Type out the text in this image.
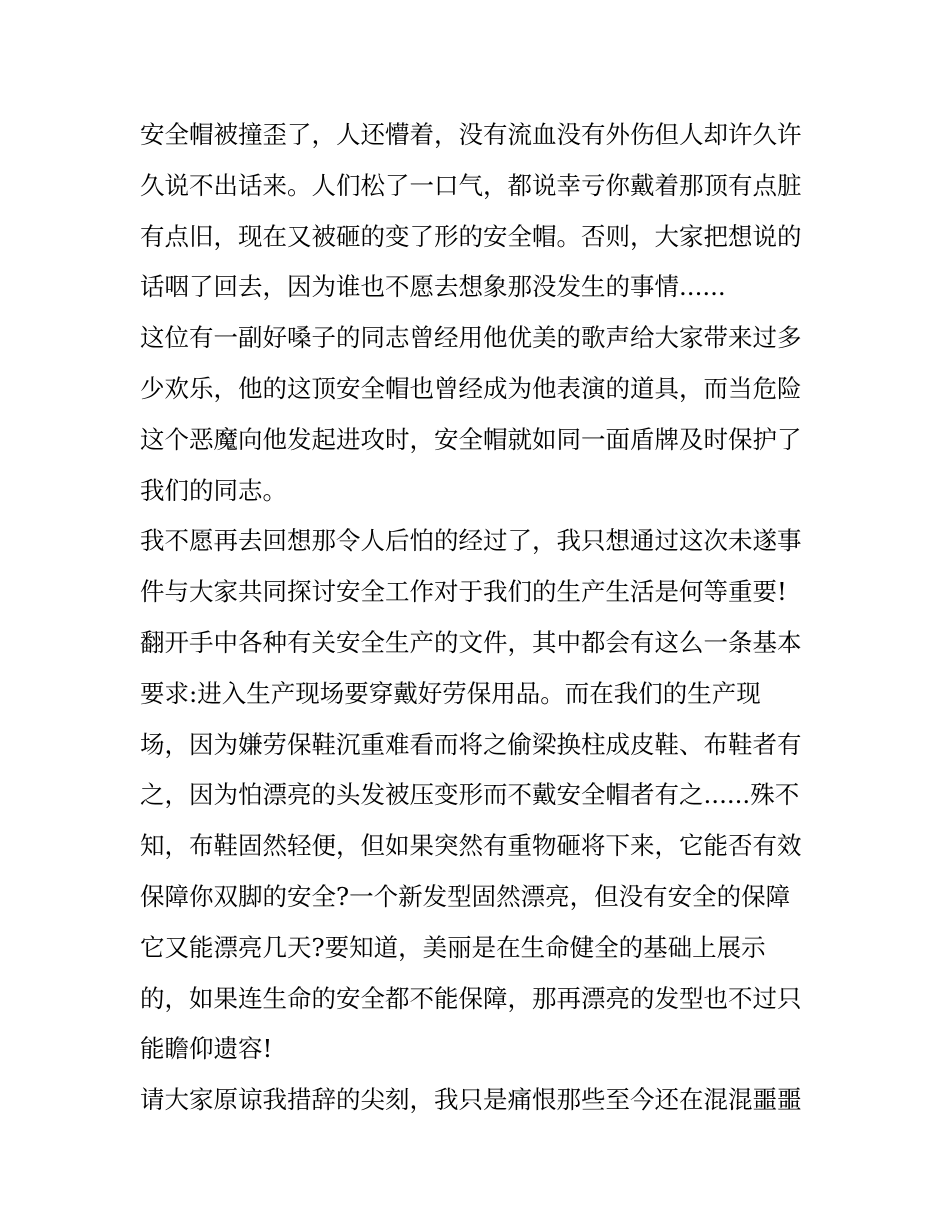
安全帽被撞歪了，人还懵着，没有流血没有外伤但人却许久许
久说不出话来。人们松了一口气，都说幸亏你戴着那顶有点脏
有点旧，现在又被砸的变了形的安全帽。否则，大家把想说的
话咽了回去，因为谁也不愿去想象那没发生的事情......
这位有一副好嗓子的同志曾经用他优美的歌声给大家带来过多
少欢乐，他的这顶安全帽也曾经成为他表演的道具，而当危险
这个恶魔向他发起进攻时，安全帽就如同一面盾牌及时保护了
我们的同志。
我不愿再去回想那令人后怕的经过了，我只想通过这次未遂事
件与大家共同探讨安全工作对于我们的生产生活是何等重要!
翻开手中各种有关安全生产的文件，其中都会有这么一条基本
要求:进入生产现场要穿戴好劳保用品。而在我们的生产现
场，因为嫌劳保鞋沉重难看而将之偷梁换柱成皮鞋、布鞋者有
之，因为怕漂亮的头发被压变形而不戴安全帽者有之......殊不
知，布鞋固然轻便，但如果突然有重物砸将下来，它能否有效
保障你双脚的安全?一个新发型固然漂亮，但没有安全的保障
它又能漂亮几天?要知道，美丽是在生命健全的基础上展示
的，如果连生命的安全都不能保障，那再漂亮的发型也不过只
能瞻仰遗容!
请大家原谅我措辞的尖刻，我只是痛恨那些至今还在混混噩噩
